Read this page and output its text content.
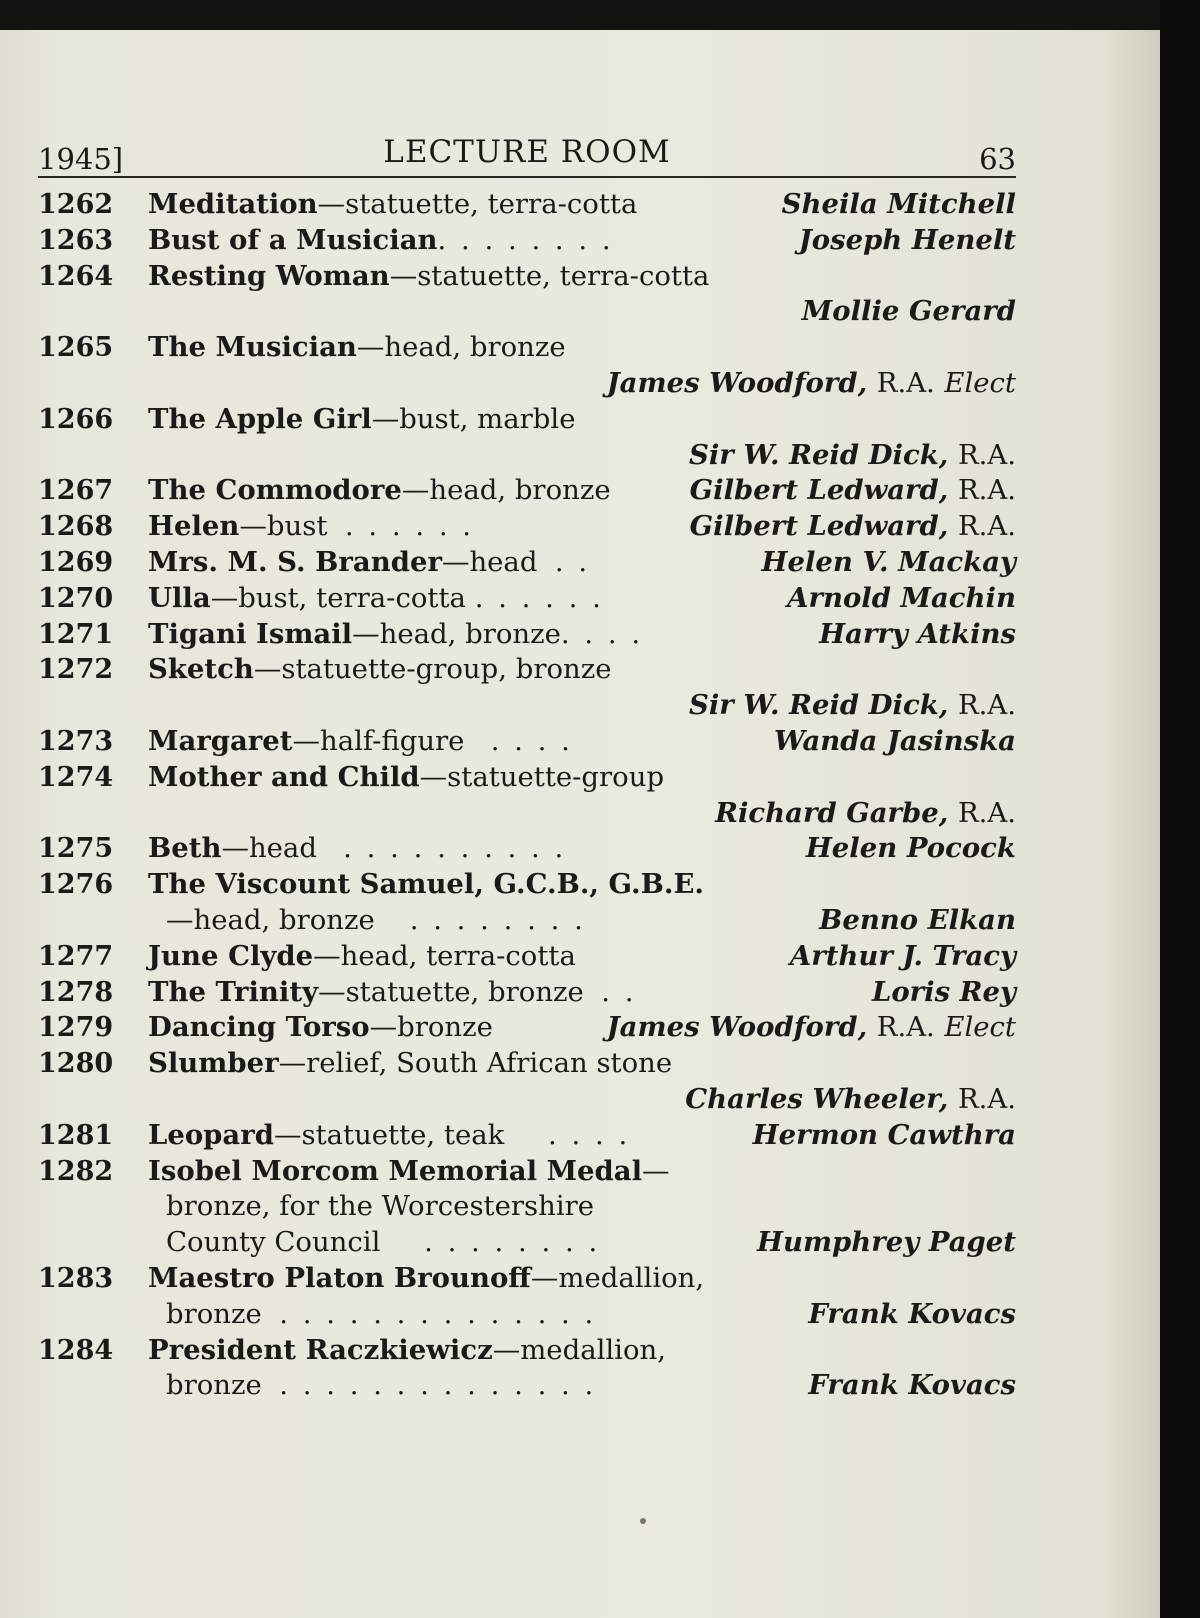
1945]	LECTURE ROOM	63
1262 Meditation—statuette, terra-cotta	Sheila Mitchell
1263 Bust of a Musician. . . . . . . .	Joseph Henelt
1264 Resting Woman—statuette, terra-cotta
Mollie Gerard
1265 The Musician—head, bronze
James Woodford, R.A. Elect
1266 The Apple Girl—bust, marble
Sir W. Reid Dick, R.A.
1267 The Commodore—head, bronze	Gilbert Ledward, R.A.
1268 Helen—bust . . . . . .	Gilbert Ledward, R.A.
1269 Mrs. M. S. Brander—head . .	Helen V. Mackay
1270 Ulla—bust, terra-cotta . . . . . .	Arnold Machin
1271 Tigani Ismail—head, bronze. . . .	Harry Atkins
1272 Sketch—statuette-group, bronze
Sir W. Reid Dick, R.A.
1273 Margaret—half-figure . . . .	Wanda Jasinska
1274 Mother and Child—statuette-group
Richard Garbe, R.A.
1275 Beth—head . . . . . . . . . .	Helen Pocock
1276 The Viscount Samuel, G.C.B., G.B.E.
—head, bronze . . . . . . . .	Benno Elkan
1277 June Clyde—head, terra-cotta	Arthur J. Tracy
1278 The Trinity—statuette, bronze . .	Loris Rey
1279 Dancing Torso—bronze	James Woodford, R.A. Elect
1280 Slumber—relief, South African stone
Charles Wheeler, R.A.
1281 Leopard—statuette, teak . . . .	Hermon Cawthra
1282 Isobel Morcom Memorial Medal—
bronze, for the Worcestershire
County Council . . . . . . . .	Humphrey Paget
1283 Maestro Platon Brounoff—medallion,
bronze . . . . . . . . . . . . . .	Frank Kovacs
1284 President Raczkiewicz—medallion,
bronze . . . . . . . . . . . . . .	Frank Kovacs
